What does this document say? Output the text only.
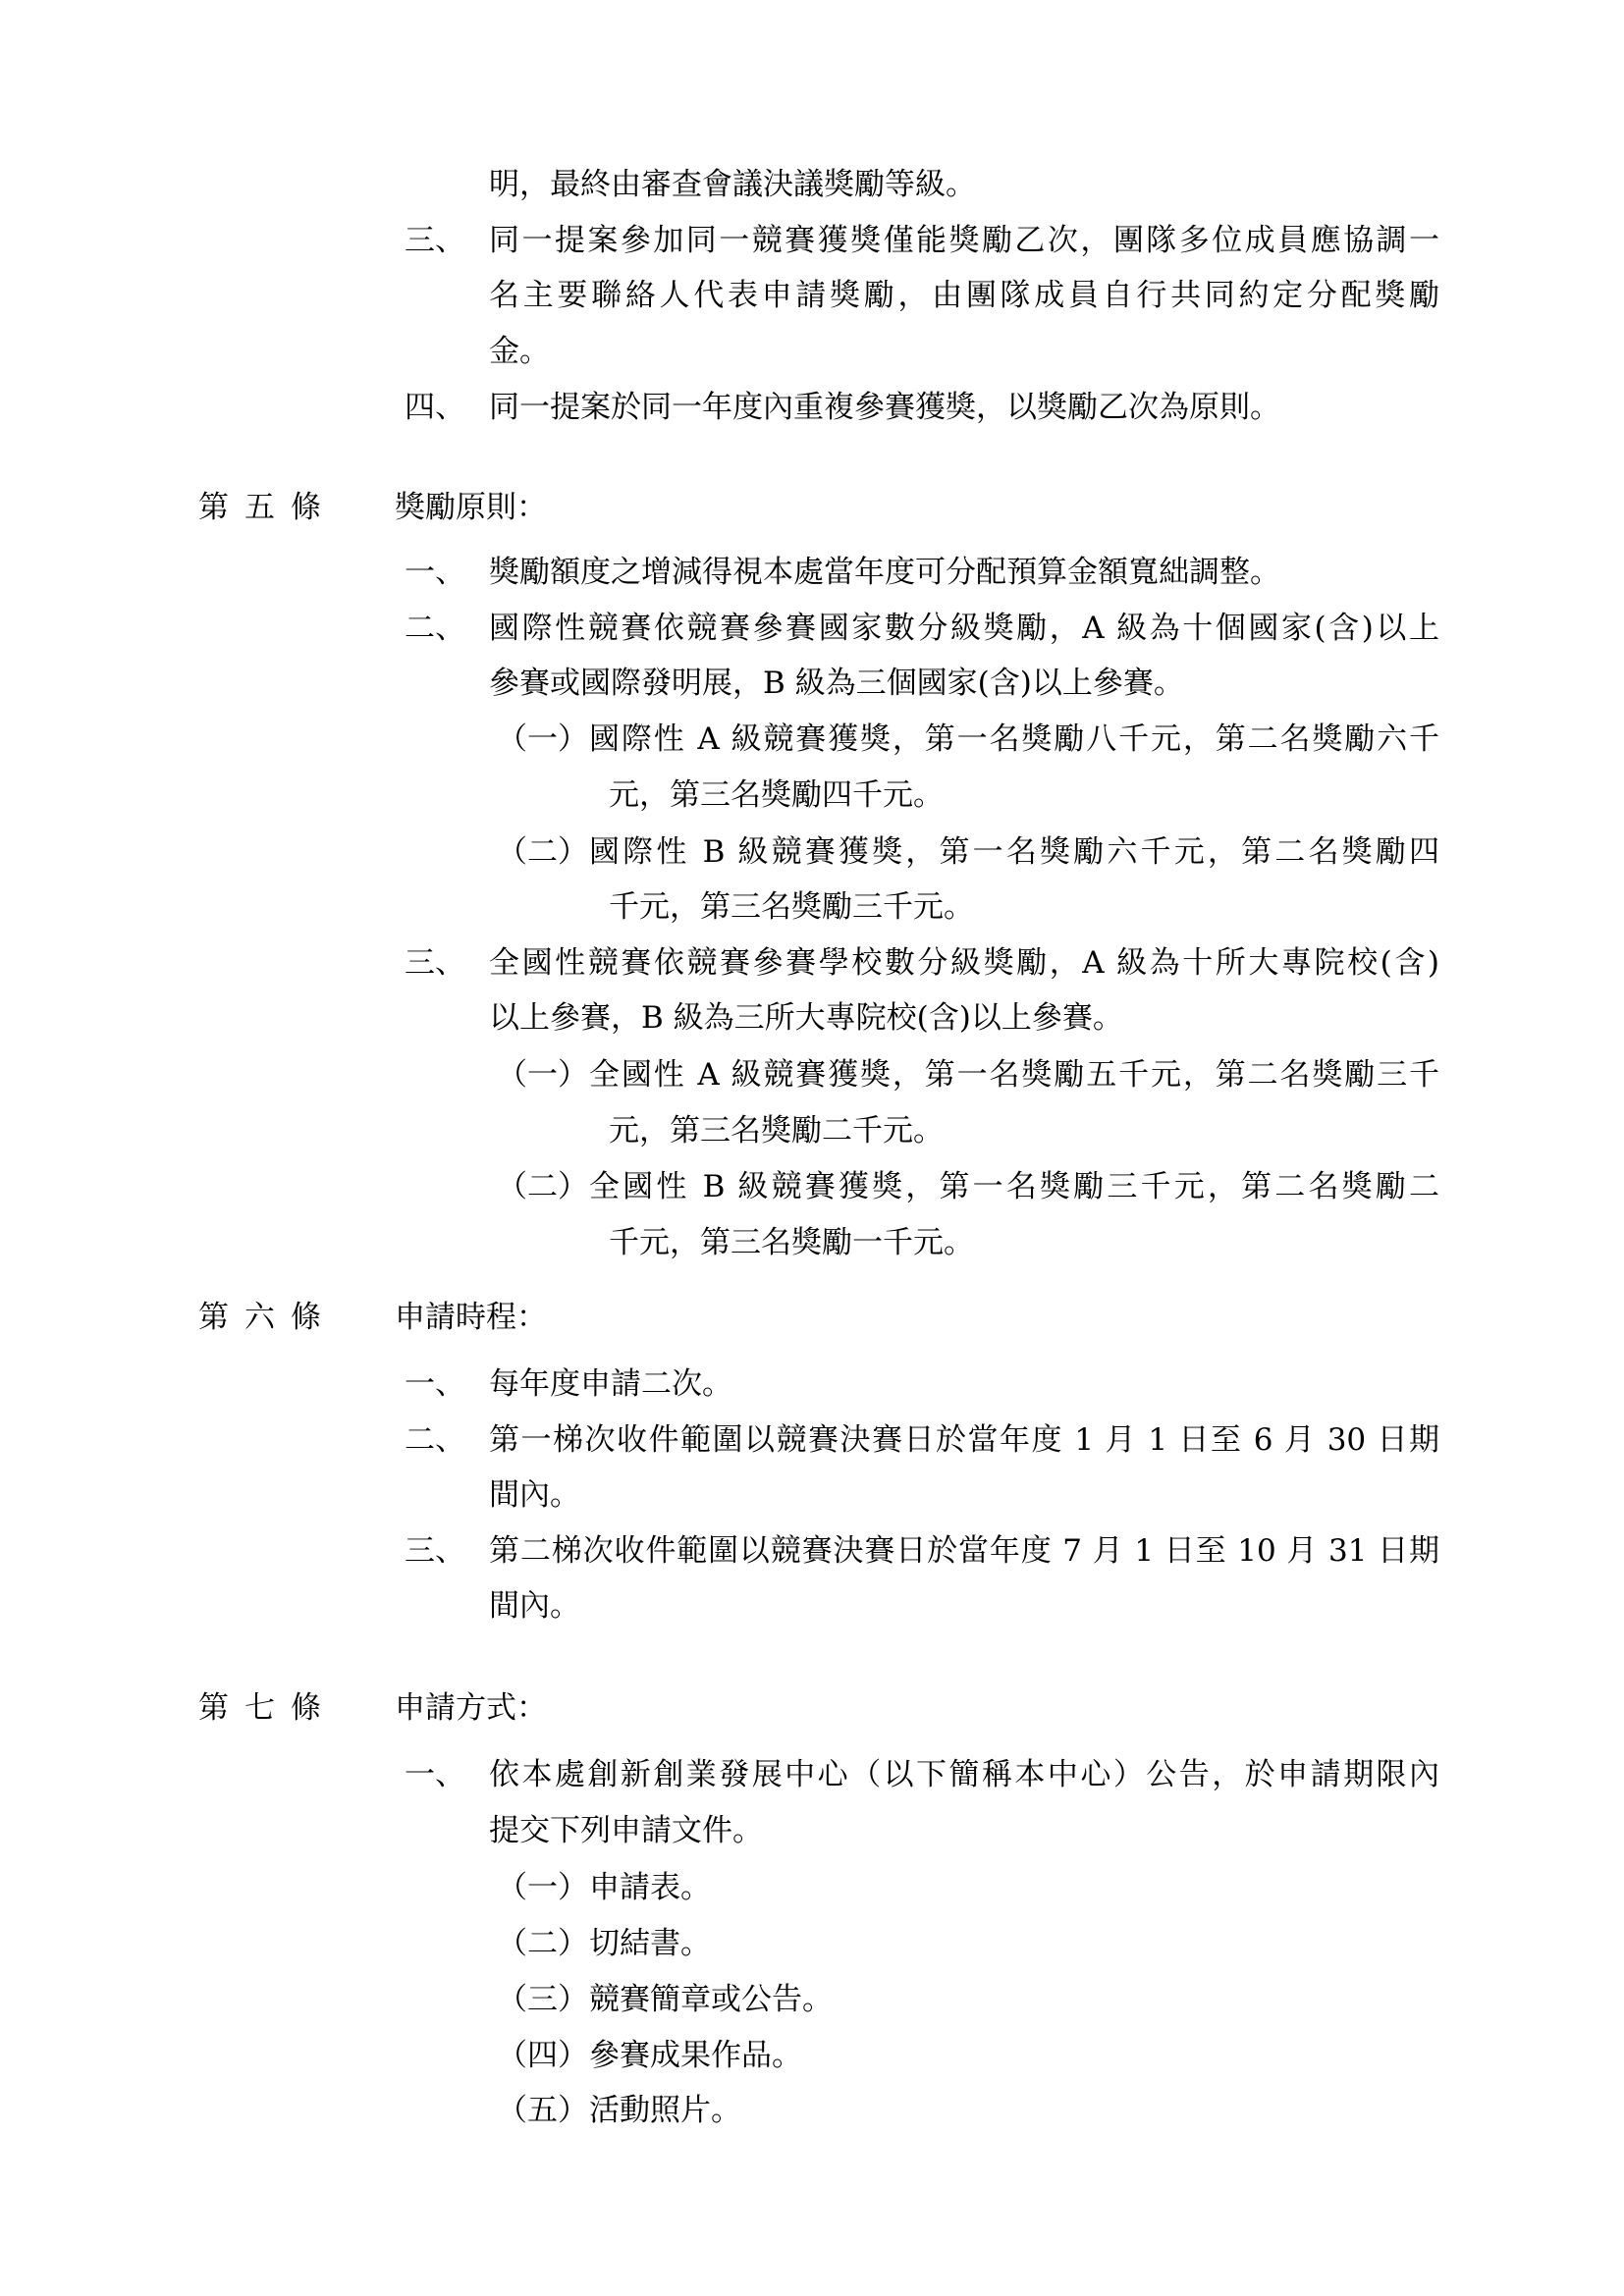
明，最終由審查會議決議獎勵等級。
三、 同一提案參加同一競賽獲獎僅能獎勵乙次，團隊多位成員應協調一
名主要聯絡人代表申請獎勵，由團隊成員自行共同約定分配獎勵
金。
四、 同一提案於同一年度內重複參賽獲獎，以獎勵乙次為原則。
第五條 獎勵原則：
一、 獎勵額度之增減得視本處當年度可分配預算金額寬絀調整。
二、 國際性競賽依競賽參賽國家數分級獎勵，A 級為十個國家(含)以上
參賽或國際發明展，B 級為三個國家(含)以上參賽。
（一） 國際性 A 級競賽獲獎，第一名獎勵八千元，第二名獎勵六千
元，第三名獎勵四千元。
（二） 國際性 B 級競賽獲獎，第一名獎勵六千元，第二名獎勵四
千元，第三名獎勵三千元。
三、 全國性競賽依競賽參賽學校數分級獎勵，A 級為十所大專院校(含)
以上參賽，B 級為三所大專院校(含)以上參賽。
（一） 全國性 A 級競賽獲獎，第一名獎勵五千元，第二名獎勵三千
元，第三名獎勵二千元。
（二） 全國性 B 級競賽獲獎，第一名獎勵三千元，第二名獎勵二
千元，第三名獎勵一千元。
第六條 申請時程：
一、 每年度申請二次。
二、 第一梯次收件範圍以競賽決賽日於當年度 1 月 1 日至 6 月 30 日期
間內。
三、 第二梯次收件範圍以競賽決賽日於當年度 7 月 1 日至 10 月 31 日期
間內。
第七條 申請方式：
一、 依本處創新創業發展中心（以下簡稱本中心）公告，於申請期限內
提交下列申請文件。
（一） 申請表。
（二） 切結書。
（三） 競賽簡章或公告。
（四） 參賽成果作品。
（五） 活動照片。
